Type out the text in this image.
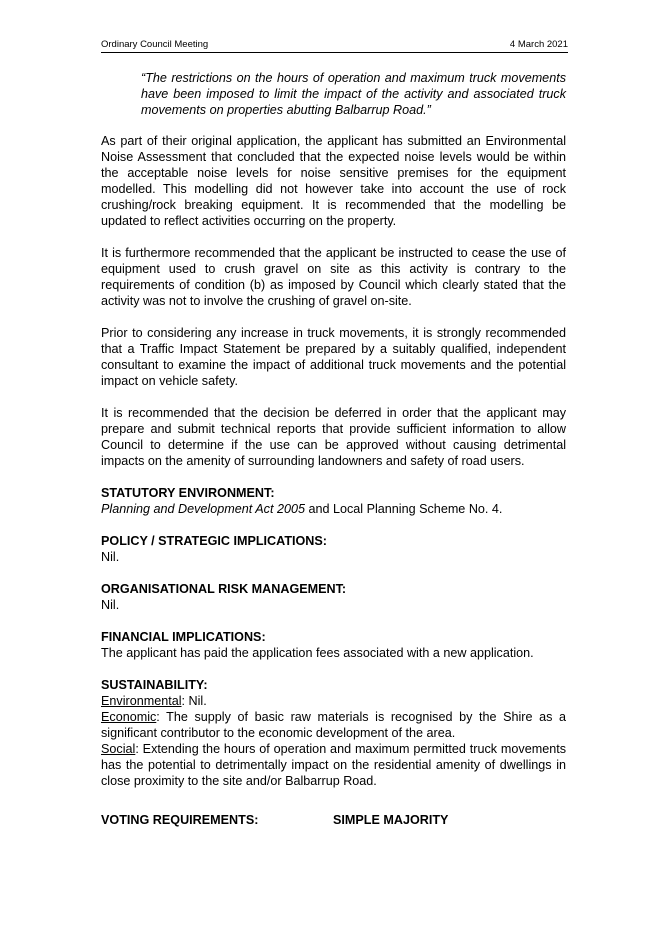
Ordinary Council Meeting	4 March 2021

“The restrictions on the hours of operation and maximum truck movements have been imposed to limit the impact of the activity and associated truck movements on properties abutting Balbarrup Road.”

As part of their original application, the applicant has submitted an Environmental Noise Assessment that concluded that the expected noise levels would be within the acceptable noise levels for noise sensitive premises for the equipment modelled. This modelling did not however take into account the use of rock crushing/rock breaking equipment. It is recommended that the modelling be updated to reflect activities occurring on the property.

It is furthermore recommended that the applicant be instructed to cease the use of equipment used to crush gravel on site as this activity is contrary to the requirements of condition (b) as imposed by Council which clearly stated that the activity was not to involve the crushing of gravel on-site.

Prior to considering any increase in truck movements, it is strongly recommended that a Traffic Impact Statement be prepared by a suitably qualified, independent consultant to examine the impact of additional truck movements and the potential impact on vehicle safety.

It is recommended that the decision be deferred in order that the applicant may prepare and submit technical reports that provide sufficient information to allow Council to determine if the use can be approved without causing detrimental impacts on the amenity of surrounding landowners and safety of road users.

STATUTORY ENVIRONMENT:
Planning and Development Act 2005 and Local Planning Scheme No. 4.
POLICY / STRATEGIC IMPLICATIONS:
Nil.
ORGANISATIONAL RISK MANAGEMENT:
Nil.
FINANCIAL IMPLICATIONS:
The applicant has paid the application fees associated with a new application.
SUSTAINABILITY:
Environmental: Nil.
Economic: The supply of basic raw materials is recognised by the Shire as a significant contributor to the economic development of the area.
Social: Extending the hours of operation and maximum permitted truck movements has the potential to detrimentally impact on the residential amenity of dwellings in close proximity to the site and/or Balbarrup Road.
VOTING REQUIREMENTS:	SIMPLE MAJORITY
